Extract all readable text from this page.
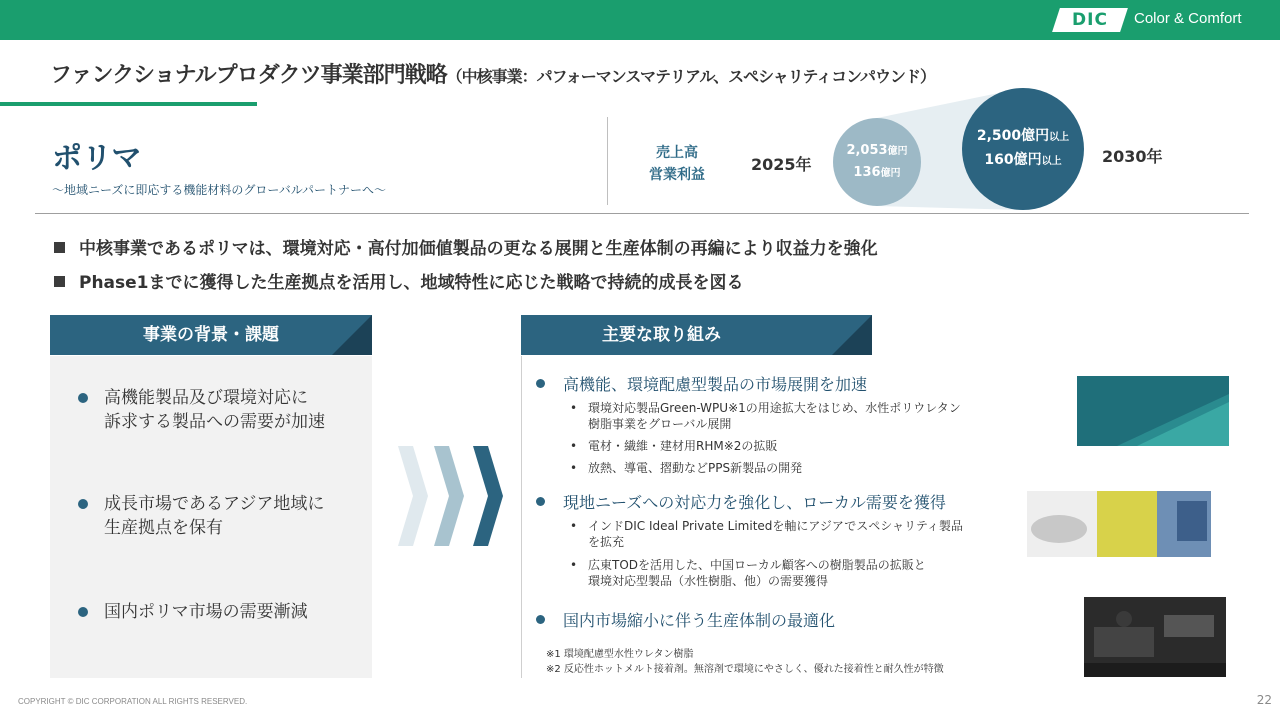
DIC	Color & Comfort
ファンクショナルプロダクツ事業部門戦略（中核事業：パフォーマンスマテリアル、スペシャリティコンパウンド）
ポリマ
〜地域ニーズに即応する機能材料のグローバルパートナーへ〜
売上高
営業利益
2025年
2,053億円
136億円
2,500億円以上
160億円以上	2030年
中核事業であるポリマは、環境対応・高付加価値製品の更なる展開と生産体制の再編により収益力を強化
Phase1までに獲得した生産拠点を活用し、地域特性に応じた戦略で持続的成長を図る
事業の背景・課題
高機能製品及び環境対応に
訴求する製品への需要が加速
成長市場であるアジア地域に
生産拠点を保有
国内ポリマ市場の需要漸減
主要な取り組み
高機能、環境配慮型製品の市場展開を加速
• 環境対応製品Green-WPU※1の用途拡大をはじめ、水性ポリウレタン
樹脂事業をグローバル展開
• 電材・繊維・建材用RHM※2の拡販
• 放熱、導電、摺動などPPS新製品の開発
現地ニーズへの対応力を強化し、ローカル需要を獲得
• インドDIC Ideal Private Limitedを軸にアジアでスペシャリティ製品
を拡充
• 広東TODを活用した、中国ローカル顧客への樹脂製品の拡販と
環境対応型製品（水性樹脂、他）の需要獲得
国内市場縮小に伴う生産体制の最適化
※1 環境配慮型水性ウレタン樹脂
※2 反応性ホットメルト接着剤。無溶剤で環境にやさしく、優れた接着性と耐久性が特徴
COPYRIGHT © DIC CORPORATION ALL RIGHTS RESERVED.	22
